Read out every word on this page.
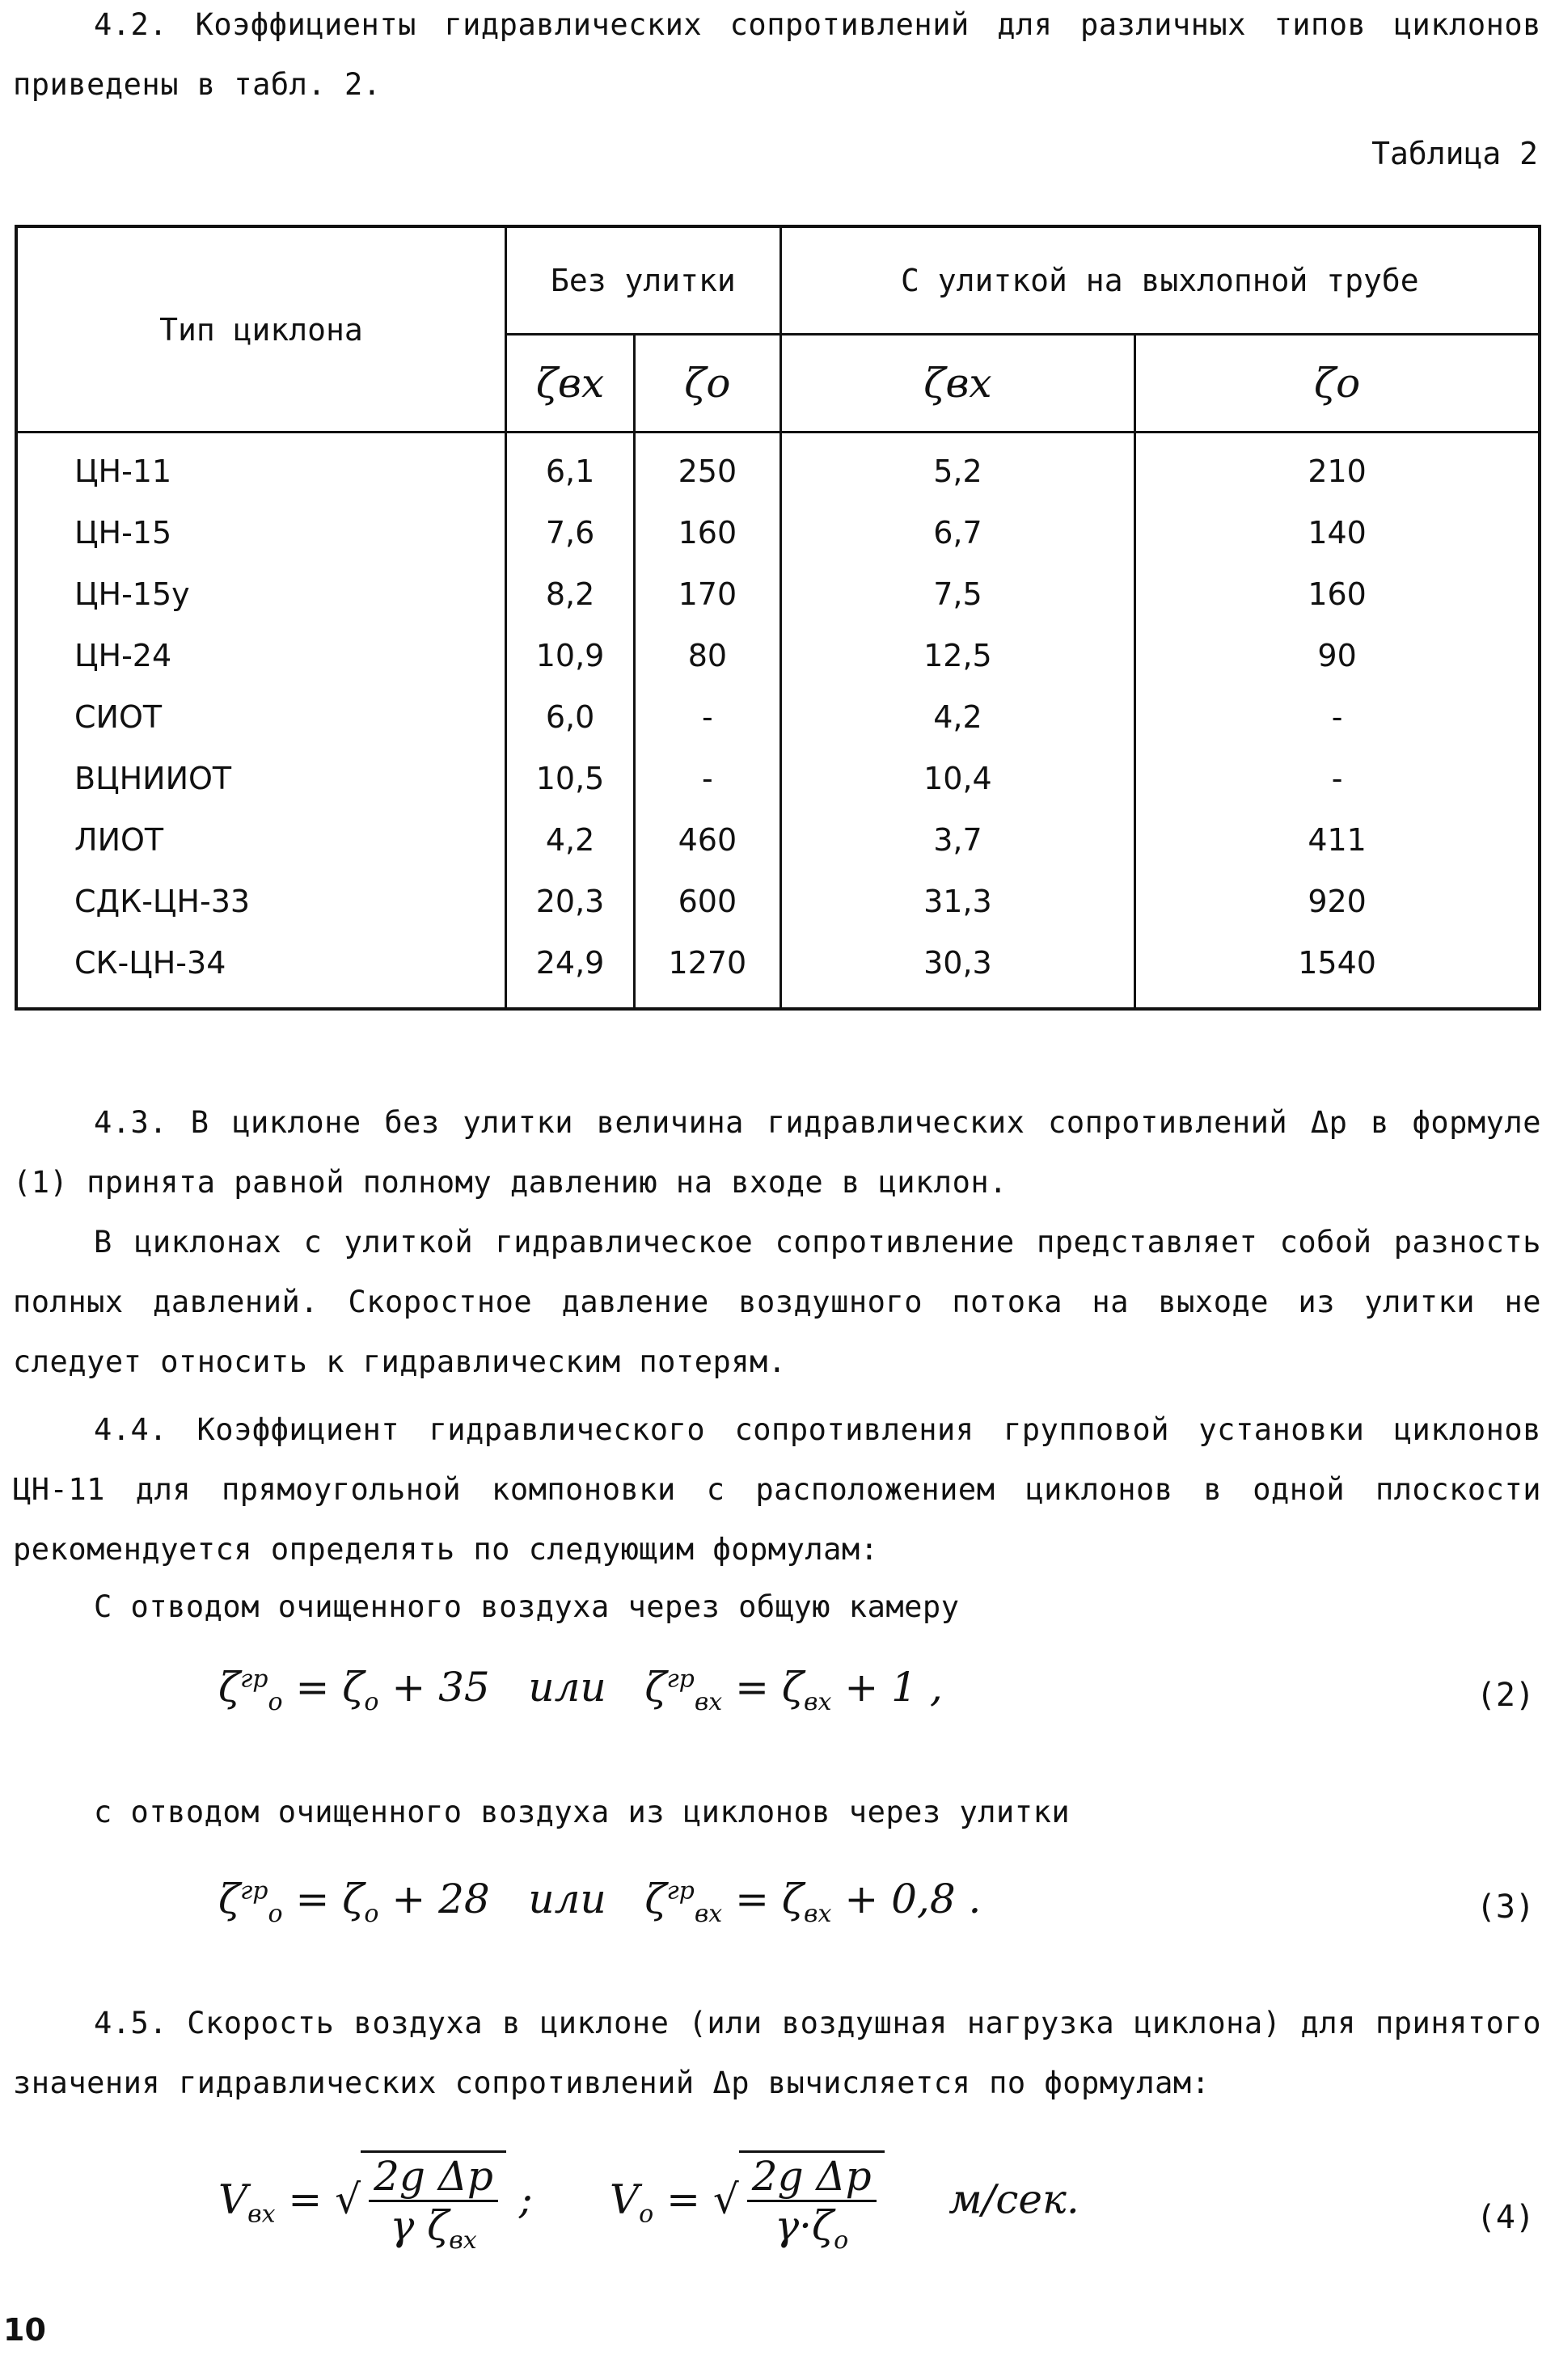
4.2. Коэффициенты гидравлических сопротивлений для различных типов циклонов приведены в табл. 2.

Таблица 2
Тип циклона	Без улитки		С улиткой на выхлопной трубе	
	ζвх	ζо	ζвх	ζо
ЦН-11	6,1	250	5,2	210
ЦН-15	7,6	160	6,7	140
ЦН-15у	8,2	170	7,5	160
ЦН-24	10,9	80	12,5	90
СИОТ	6,0	-	4,2	-
ВЦНИИОТ	10,5	-	10,4	-
ЛИОТ	4,2	460	3,7	411
СДК-ЦН-33	20,3	600	31,3	920
СК-ЦН-34	24,9	1270	30,3	1540

4.3. В циклоне без улитки величина гидравлических сопротивлений Δp в формуле (1) принята равной полному давлению на входе в циклон.

В циклонах с улиткой гидравлическое сопротивление представляет собой разность полных давлений. Скоростное давление воздушного потока на выходе из улитки не следует относить к гидравлическим потерям.

4.4. Коэффициент гидравлического сопротивления групповой установки циклонов ЦН-11 для прямоугольной компоновки с расположением циклонов в одной плоскости рекомендуется определять по следующим формулам:

С отводом очищенного воздуха через общую камеру

$\zeta^{гр}_о = \zeta_о + 35$ или $\zeta^{гр}_{вх} = \zeta_{вх} + 1$ ,	(2)

с отводом очищенного воздуха из циклонов через улитки

$\zeta^{гр}_о = \zeta_о + 28$ или $\zeta^{гр}_{вх} = \zeta_{вх} + 0,8$ .	(3)

4.5. Скорость воздуха в циклоне (или воздушная нагрузка циклона) для принятого значения гидравлических сопротивлений Δp вычисляется по формулам:

$V_{вх}$ = √ $\frac{\text{2g Δp}}{\gamma \zeta_{вх}}$ ; $V_о$ = √ $\frac{\text{2g Δp}}{\gamma\cdot\zeta_о} м/сек$.	(4)
10
